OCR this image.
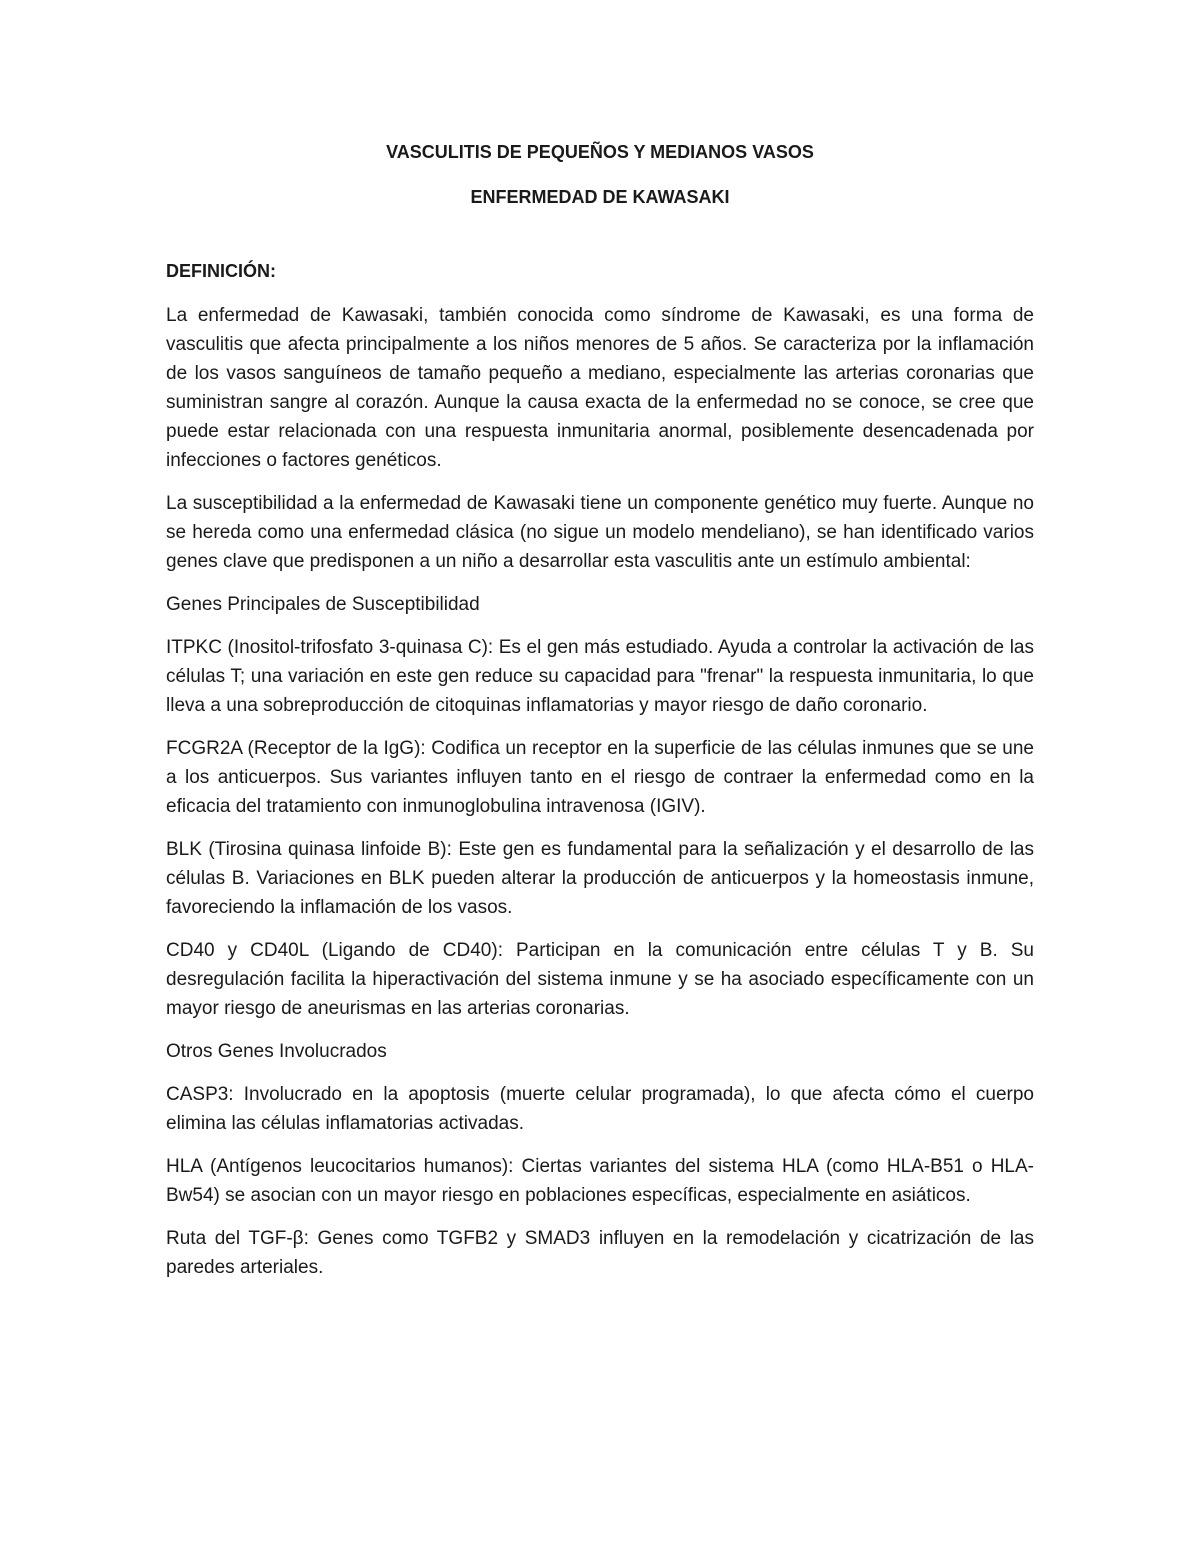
VASCULITIS DE PEQUEÑOS Y MEDIANOS VASOS
ENFERMEDAD DE KAWASAKI
DEFINICIÓN:

La enfermedad de Kawasaki, también conocida como síndrome de Kawasaki, es una forma de vasculitis que afecta principalmente a los niños menores de 5 años. Se caracteriza por la inflamación de los vasos sanguíneos de tamaño pequeño a mediano, especialmente las arterias coronarias que suministran sangre al corazón. Aunque la causa exacta de la enfermedad no se conoce, se cree que puede estar relacionada con una respuesta inmunitaria anormal, posiblemente desencadenada por infecciones o factores genéticos.

La susceptibilidad a la enfermedad de Kawasaki tiene un componente genético muy fuerte. Aunque no se hereda como una enfermedad clásica (no sigue un modelo mendeliano), se han identificado varios genes clave que predisponen a un niño a desarrollar esta vasculitis ante un estímulo ambiental:

Genes Principales de Susceptibilidad

ITPKC (Inositol-trifosfato 3-quinasa C): Es el gen más estudiado. Ayuda a controlar la activación de las células T; una variación en este gen reduce su capacidad para "frenar" la respuesta inmunitaria, lo que lleva a una sobreproducción de citoquinas inflamatorias y mayor riesgo de daño coronario.

FCGR2A (Receptor de la IgG): Codifica un receptor en la superficie de las células inmunes que se une a los anticuerpos. Sus variantes influyen tanto en el riesgo de contraer la enfermedad como en la eficacia del tratamiento con inmunoglobulina intravenosa (IGIV).

BLK (Tirosina quinasa linfoide B): Este gen es fundamental para la señalización y el desarrollo de las células B. Variaciones en BLK pueden alterar la producción de anticuerpos y la homeostasis inmune, favoreciendo la inflamación de los vasos.

CD40 y CD40L (Ligando de CD40): Participan en la comunicación entre células T y B. Su desregulación facilita la hiperactivación del sistema inmune y se ha asociado específicamente con un mayor riesgo de aneurismas en las arterias coronarias.

Otros Genes Involucrados

CASP3: Involucrado en la apoptosis (muerte celular programada), lo que afecta cómo el cuerpo elimina las células inflamatorias activadas.

HLA (Antígenos leucocitarios humanos): Ciertas variantes del sistema HLA (como HLA-B51 o HLA-Bw54) se asocian con un mayor riesgo en poblaciones específicas, especialmente en asiáticos.

Ruta del TGF-β: Genes como TGFB2 y SMAD3 influyen en la remodelación y cicatrización de las paredes arteriales.
